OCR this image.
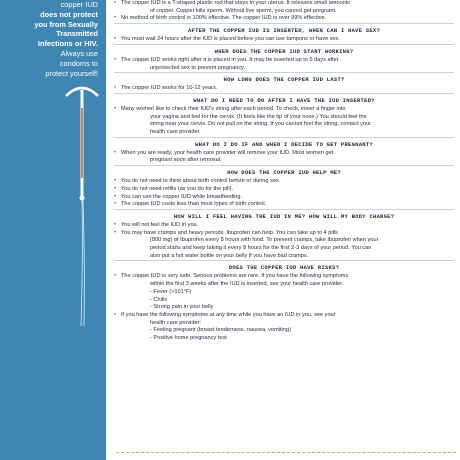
copper IUD
does not protect
you from Sexually
Transmitted
Infections or HIV.
Always use
condoms to
protect yourself!
• The copper IUD is a T-shaped plastic rod that stays in your uterus. It releases small amounts
of copper. Copper kills sperm. Without live sperm, you cannot get pregnant.
• No method of birth control is 100% effective. The copper IUD is over 99% effective.
AFTER THE COPPER IUD IS INSERTED, WHEN CAN I HAVE SEX?
• You must wait 24 hours after the IUD is placed before you can use tampons or have sex.
WHEN DOES THE COPPER IUD START WORKING?
• The copper IUD works right after it is placed in you. It may be inserted up to 5 days after
unprotected sex to prevent pregnancy.
HOW LONG DOES THE COPPER IUD LAST?
• The copper IUD works for 10-12 years.
WHAT DO I NEED TO DO AFTER I HAVE THE IUD INSERTED?
• Many women like to check their IUD's string after each period. To check, insert a finger into
your vagina and feel for the cervix. (It feels like the tip of your nose.) You should feel the
string near your cervix. Do not pull on the string. If you cannot feel the string, contact your
health care provider.
WHAT DO I DO IF AND WHEN I DECIDE TO GET PREGNANT?
• When you are ready, your health care provider will remove your IUD. Most women get
pregnant soon after removal.
HOW DOES THE COPPER IUD HELP ME?
• You do not need to think about birth control before or during sex.
• You do not need refills (as you do for the pill).
• You can use the copper IUD while breastfeeding.
• The copper IUD costs less than most types of birth control.
HOW WILL I FEEL HAVING THE IUD IN ME? HOW WILL MY BODY CHANGE?
• You will not feel the IUD in you.
• You may have cramps and heavy periods. Ibuprofen can help. You can take up to 4 pills
(800 mg) of Ibuprofen every 8 hours with food. To prevent cramps, take Ibuprofen when your
period starts and keep taking it every 8 hours for the first 2-3 days of your period. You can
also put a hot water bottle on your belly if you have bad cramps.
DOES THE COPPER IUD HAVE RISKS?
• The copper IUD is very safe. Serious problems are rare. If you have the following symptoms
within the first 3 weeks after the IUD is inserted, see your health care provider:
- Fever (>101°F)
- Chills
- Strong pain in your belly
• If you have the following symptoms at any time while you have an IUD in you, see your
health care provider:
- Feeling pregnant (breast tenderness, nausea, vomiting)
- Positive home pregnancy test
